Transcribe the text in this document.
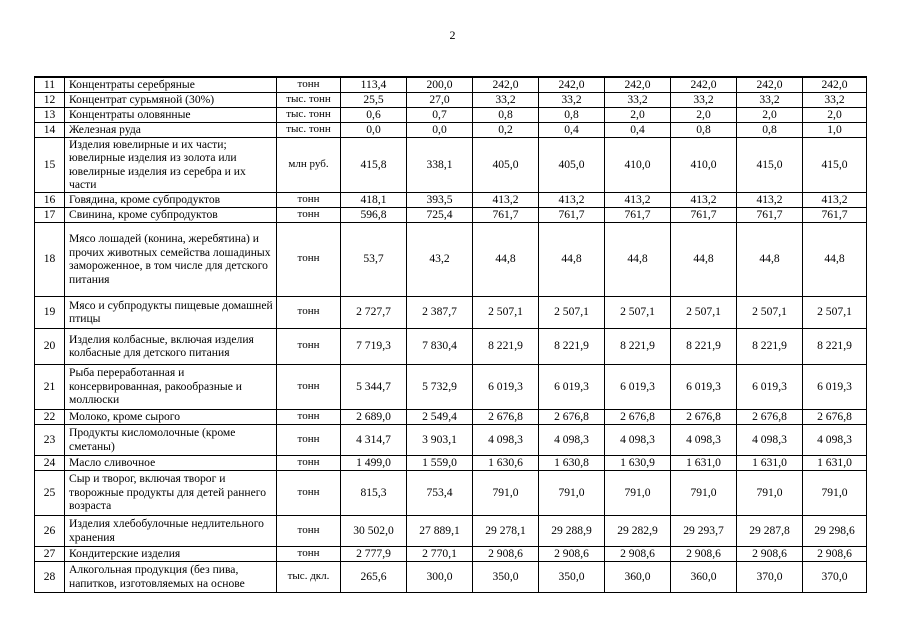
2
11	Концентраты серебряные	тонн	113,4	200,0	242,0	242,0	242,0	242,0	242,0	242,0
12	Концентрат сурьмяной (30%)	тыс. тонн	25,5	27,0	33,2	33,2	33,2	33,2	33,2	33,2
13	Концентраты оловянные	тыс. тонн	0,6	0,7	0,8	0,8	2,0	2,0	2,0	2,0
14	Железная руда	тыс. тонн	0,0	0,0	0,2	0,4	0,4	0,8	0,8	1,0
15	Изделия ювелирные и их части; ювелирные изделия из золота или ювелирные изделия из серебра и их части	млн руб.	415,8	338,1	405,0	405,0	410,0	410,0	415,0	415,0
16	Говядина, кроме субпродуктов	тонн	418,1	393,5	413,2	413,2	413,2	413,2	413,2	413,2
17	Свинина, кроме субпродуктов	тонн	596,8	725,4	761,7	761,7	761,7	761,7	761,7	761,7
18	Мясо лошадей (конина, жеребятина) и прочих животных семейства лошадиных замороженное, в том числе для детского питания	тонн	53,7	43,2	44,8	44,8	44,8	44,8	44,8	44,8
19	Мясо и субпродукты пищевые домашней птицы	тонн	2 727,7	2 387,7	2 507,1	2 507,1	2 507,1	2 507,1	2 507,1	2 507,1
20	Изделия колбасные, включая изделия колбасные для детского питания	тонн	7 719,3	7 830,4	8 221,9	8 221,9	8 221,9	8 221,9	8 221,9	8 221,9
21	Рыба переработанная и консервированная, ракообразные и моллюски	тонн	5 344,7	5 732,9	6 019,3	6 019,3	6 019,3	6 019,3	6 019,3	6 019,3
22	Молоко, кроме сырого	тонн	2 689,0	2 549,4	2 676,8	2 676,8	2 676,8	2 676,8	2 676,8	2 676,8
23	Продукты кисломолочные (кроме сметаны)	тонн	4 314,7	3 903,1	4 098,3	4 098,3	4 098,3	4 098,3	4 098,3	4 098,3
24	Масло сливочное	тонн	1 499,0	1 559,0	1 630,6	1 630,8	1 630,9	1 631,0	1 631,0	1 631,0
25	Сыр и творог, включая творог и творожные продукты для детей раннего возраста	тонн	815,3	753,4	791,0	791,0	791,0	791,0	791,0	791,0
26	Изделия хлебобулочные недлительного хранения	тонн	30 502,0	27 889,1	29 278,1	29 288,9	29 282,9	29 293,7	29 287,8	29 298,6
27	Кондитерские изделия	тонн	2 777,9	2 770,1	2 908,6	2 908,6	2 908,6	2 908,6	2 908,6	2 908,6
28	Алкогольная продукция (без пива, напитков, изготовляемых на основе	тыс. дкл.	265,6	300,0	350,0	350,0	360,0	360,0	370,0	370,0
